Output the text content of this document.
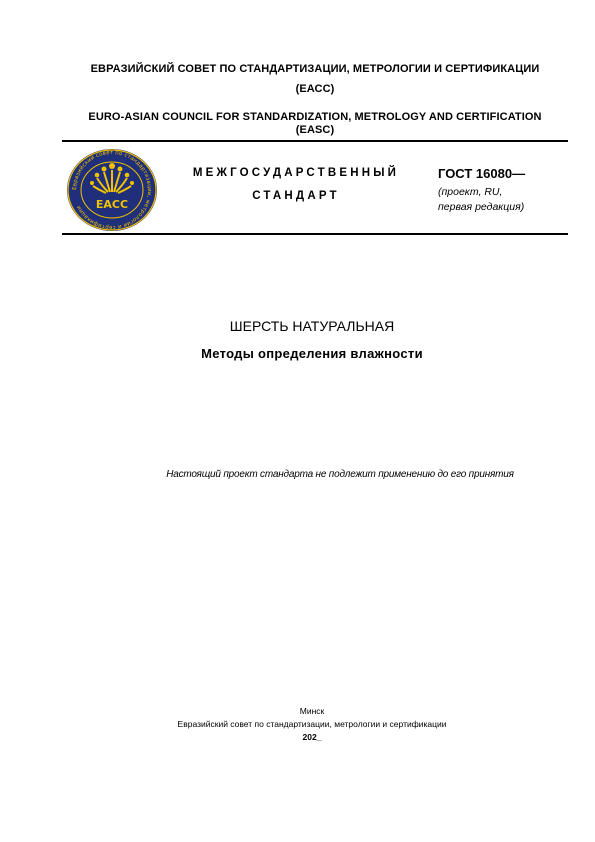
ЕВРАЗИЙСКИЙ СОВЕТ ПО СТАНДАРТИЗАЦИИ, МЕТРОЛОГИИ И СЕРТИФИКАЦИИ
(ЕАСС)
EURO-ASIAN COUNCIL FOR STANDARDIZATION, METROLOGY AND CERTIFICATION
(EASC)
Евразийский совет по стандартизации, метрологии и сертификации	ЕАСС
МЕЖГОСУДАРСТВЕННЫЙ
СТАНДАРТ
ГОСТ 16080—
(проект, RU,
первая редакция)
ШЕРСТЬ НАТУРАЛЬНАЯ
Методы определения влажности
Настоящий проект стандарта не подлежит применению до его принятия
Минск
Евразийский совет по стандартизации, метрологии и сертификации
202_
